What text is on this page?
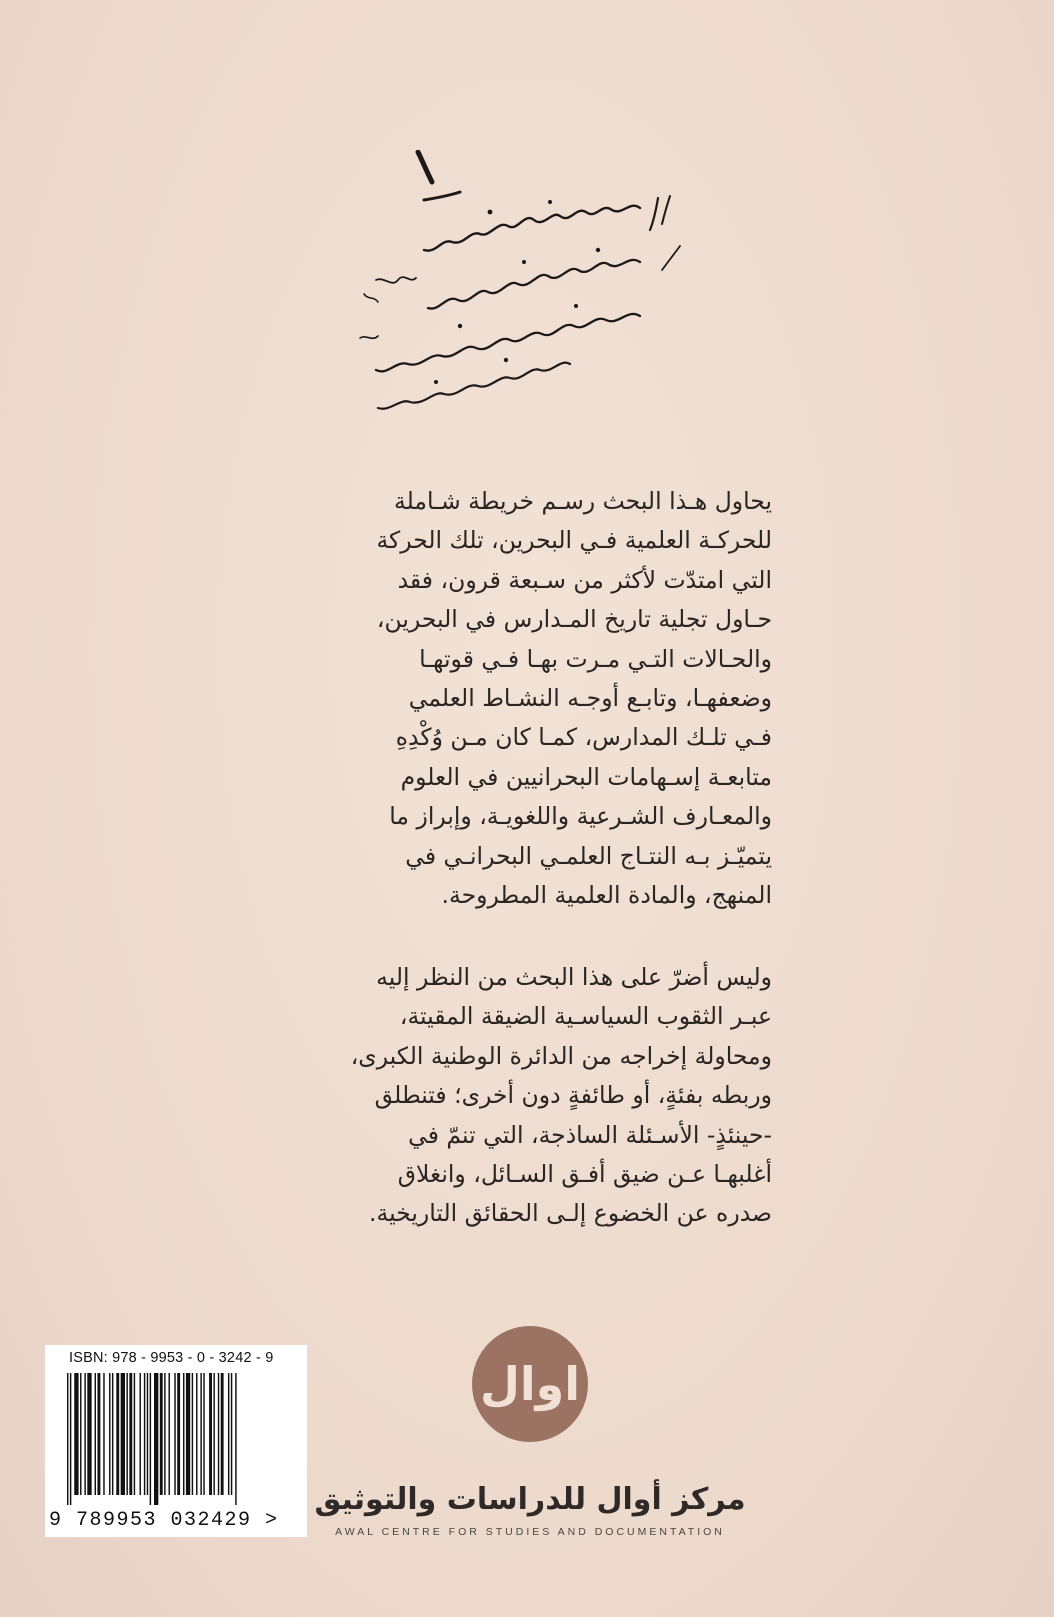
يحاول هـذا البحث رسـم خريطة شـاملة
للحركـة العلمية فـي البحرين، تلك الحركة
التي امتدّت لأكثر من سـبعة قرون، فقد
حـاول تجلية تاريخ المـدارس في البحرين،
والحـالات التـي مـرت بهـا فـي قوتهـا
وضعفهـا، وتابـع أوجـه النشـاط العلمي
فـي تلـك المدارس، كمـا كان مـن وُكْدِهِ
متابعـة إسـهامات البحرانيين في العلوم
والمعـارف الشـرعية واللغويـة، وإبراز ما
يتميّـز بـه النتـاج العلمـي البحرانـي في
المنهج، والمادة العلمية المطروحة.
وليس أضرّ على هذا البحث من النظر إليه
عبـر الثقوب السياسـية الضيقة المقيتة،
ومحاولة إخراجه من الدائرة الوطنية الكبرى،
وربطه بفئةٍ، أو طائفةٍ دون أخرى؛ فتنطلق
-حينئذٍ- الأسـئلة الساذجة، التي تنمّ في
أغلبهـا عـن ضيق أفـق السـائل، وانغلاق
صدره عن الخضوع إلـى الحقائق التاريخية.
ISBN: 978 - 9953 - 0 - 3242 - 9
9 789953 032429 >
اوال
مركز أوال للدراسات والتوثيق
AWAL CENTRE FOR STUDIES AND DOCUMENTATION
